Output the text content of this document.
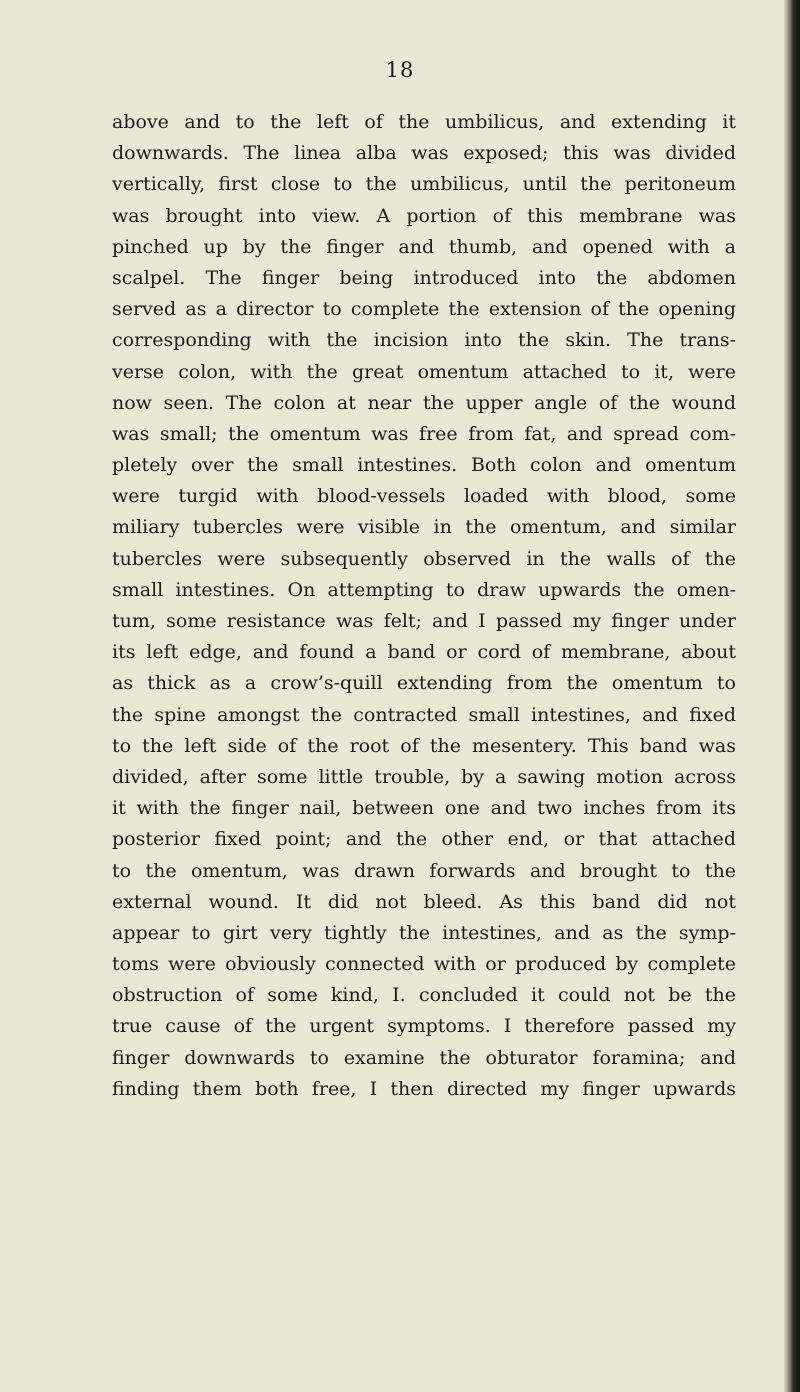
18
above and to the left of the umbilicus, and extending it
downwards. The linea alba was exposed; this was divided
vertically, first close to the umbilicus, until the peritoneum
was brought into view. A portion of this membrane was
pinched up by the finger and thumb, and opened with a
scalpel. The finger being introduced into the abdomen
served as a director to complete the extension of the opening
corresponding with the incision into the skin. The trans-
verse colon, with the great omentum attached to it, were
now seen. The colon at near the upper angle of the wound
was small; the omentum was free from fat, and spread com-
pletely over the small intestines. Both colon and omentum
were turgid with blood-vessels loaded with blood, some
miliary tubercles were visible in the omentum, and similar
tubercles were subsequently observed in the walls of the
small intestines. On attempting to draw upwards the omen-
tum, some resistance was felt; and I passed my finger under
its left edge, and found a band or cord of membrane, about
as thick as a crow’s-quill extending from the omentum to
the spine amongst the contracted small intestines, and fixed
to the left side of the root of the mesentery. This band was
divided, after some little trouble, by a sawing motion across
it with the finger nail, between one and two inches from its
posterior fixed point; and the other end, or that attached
to the omentum, was drawn forwards and brought to the
external wound. It did not bleed. As this band did not
appear to girt very tightly the intestines, and as the symp-
toms were obviously connected with or produced by complete
obstruction of some kind, I. concluded it could not be the
true cause of the urgent symptoms. I therefore passed my
finger downwards to examine the obturator foramina; and
finding them both free, I then directed my finger upwards
